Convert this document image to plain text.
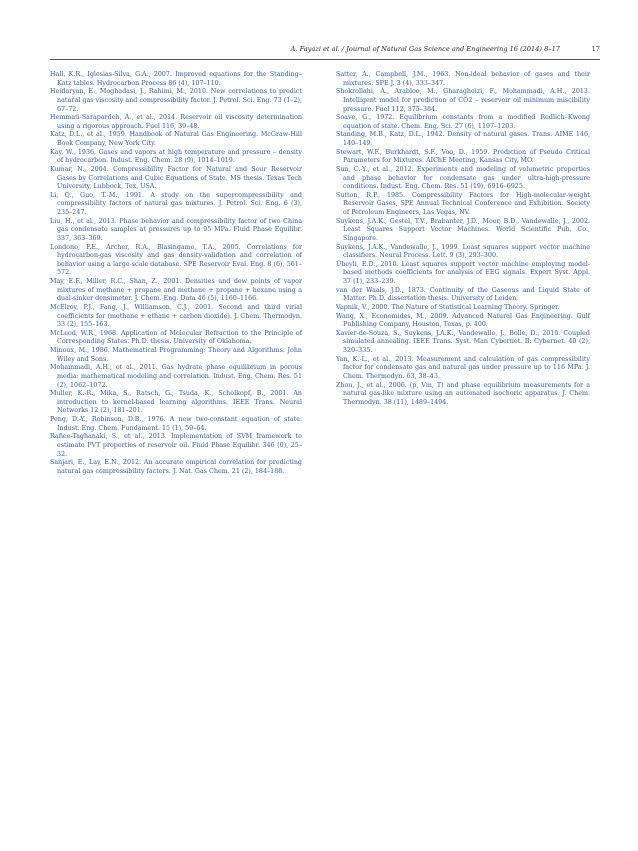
A. Fayazi et al. / Journal of Natural Gas Science and Engineering 16 (2014) 8–17	17

Hall, K.R., Iglesias-Silva, G.A., 2007. Improved equations for the Standing–Katz tables. Hydrocarbon Process 86 (4), 107–110.

Heidaryan, E., Moghadasi, J., Rahimi, M., 2010. New correlations to predict natural gas viscosity and compressibility factor. J. Petrol. Sci. Eng. 73 (1–2), 67–72.

Hemmati-Sarapardeh, A., et al., 2014. Reservoir oil viscosity determination using a rigorous approach. Fuel 116, 39–48.

Katz, D.L., et al., 1959. Handbook of Natural Gas Engineering. McGraw-Hill Book Company, New York City.

Kay, W., 1936. Gases and vapors at high temperature and pressure – density of hydrocarbon. Indust. Eng. Chem. 28 (9), 1014–1019.

Kumar, N., 2004. Compressibility Factor for Natural and Sour Reservoir Gases by Correlations and Cubic Equations of State. MS thesis. Texas Tech University, Lubbock, Tex, USA.

Li, Q., Guo, T.-M., 1991. A study on the supercompressibility and compressibility factors of natural gas mixtures. J. Petrol. Sci. Eng. 6 (3), 235–247.

Liu, H., et al., 2013. Phase behavior and compressibility factor of two China gas condensate samples at pressures up to 95 MPa. Fluid Phase Equilibr. 337, 363–369.

Londono, F.E., Archer, R.A., Blasingame, T.A., 2005. Correlations for hydrocarbon-gas viscosity and gas density-validation and correlation of behavior using a large-scale database. SPE Reservoir Eval. Eng. 8 (6), 561–572.

May, E.F., Miller, R.C., Shan, Z., 2001. Densities and dew points of vapor mixtures of methane + propane and methane + propane + hexane using a dual-sinker densimeter. J. Chem. Eng. Data 46 (5), 1160–1166.

McElroy, P.J., Fang, J., Williamson, C.J., 2001. Second and third virial coefficients for (methane + ethane + carbon dioxide). J. Chem. Thermodyn. 33 (2), 155–163.

McLeod, W.R., 1968. Application of Molecular Refraction to the Principle of Corresponding States. Ph.D. thesis. University of Oklahoma.

Minoux, M., 1986. Mathematical Programming: Theory and Algorithms. John Wiley and Sons.

Mohammadi, A.H., et al., 2011. Gas hydrate phase equilibrium in porous media: mathematical modeling and correlation. Indust. Eng. Chem. Res. 51 (2), 1062–1072.

Muller, K.-R., Mika, S., Ratsch, G., Tsuda, K., Scholkopf, B., 2001. An introduction to kernel-based learning algorithms. IEEE Trans. Neural Networks 12 (2), 181–201.

Peng, D.-Y., Robinson, D.B., 1976. A new two-constant equation of state. Indust. Eng. Chem. Fundament. 15 (1), 59–64.

Rafiee-Taghanaki, S., et al., 2013. Implementation of SVM framework to estimate PVT properties of reservoir oil. Fluid Phase Equilibr. 346 (0), 25–32.

Sanjari, E., Lay, E.N., 2012. An accurate empirical correlation for predicting natural gas compressibility factors. J. Nat. Gas Chem. 21 (2), 184–188.

Satter, A., Campbell, J.M., 1963. Non-ideal behavior of gases and their mixtures. SPE J. 3 (4), 333–347.

Shokrollahi, A., Arabloo, M., Gharagheizi, F., Mohammadi, A.H., 2013. Intelligent model for prediction of CO2 – reservoir oil minimum miscibility pressure. Fuel 112, 375–384.

Soave, G., 1972. Equilibrium constants from a modified Redlich–Kwong equation of state. Chem. Eng. Sci. 27 (6), 1197–1203.

Standing, M.B., Katz, D.L., 1942. Density of natural gases. Trans. AIME 146, 140–149.

Stewart, W.F., Burkhardt, S.F., Voo, D., 1959. Prediction of Pseudo Critical Parameters for Mixtures. AIChE Meeting, Kansas City, MO.

Sun, C.-Y., et al., 2012. Experiments and modeling of volumetric properties and phase behavior for condensate gas under ultra-high-pressure conditions. Indust. Eng. Chem. Res. 51 (19), 6916–6925.

Sutton, R.P., 1985. Compressibility Factors for High-molecular-weight Reservoir Gases, SPE Annual Technical Conference and Exhibition. Society of Petroleum Engineers, Las Vegas, NV.

Suykens, J.A.K., Gestel, T.V., Brabanter, J.D., Moor, B.D., Vandewalle, J., 2002. Least Squares Support Vector Machines. World Scientific Pub. Co., Singapore.

Suykens, J.A.K., Vandewalle, J., 1999. Least squares support vector machine classifiers. Neural Process. Lett. 9 (3), 293–300.

Übeyli, E.D., 2010. Least squares support vector machine employing model-based methods coefficients for analysis of EEG signals. Expert Syst. Appl. 37 (1), 233–239.

van der Waals, J.D., 1873. Continuity of the Gaseous and Liquid State of Matter. Ph.D. dissertation thesis. University of Leiden.

Vapnik, V., 2000. The Nature of Statistical Learning Theory. Springer.

Wang, X., Economides, M., 2009. Advanced Natural Gas Engineering. Gulf Publishing Company, Houston, Texas, p. 400.

Xavier-de-Souza, S., Suykens, J.A.K., Vandewalle, J., Bolle, D., 2010. Coupled simulated annealing. IEEE Trans. Syst. Man Cybernet. B: Cybernet. 40 (2), 320–335.

Yan, K.-L., et al., 2013. Measurement and calculation of gas compressibility factor for condensate gas and natural gas under pressure up to 116 MPa. J. Chem. Thermodyn. 63, 38–43.

Zhou, J., et al., 2006. (p, Vm, T) and phase equilibrium measurements for a natural gas-like mixture using an automated isochoric apparatus. J. Chem. Thermodyn. 38 (11), 1489–1494.
